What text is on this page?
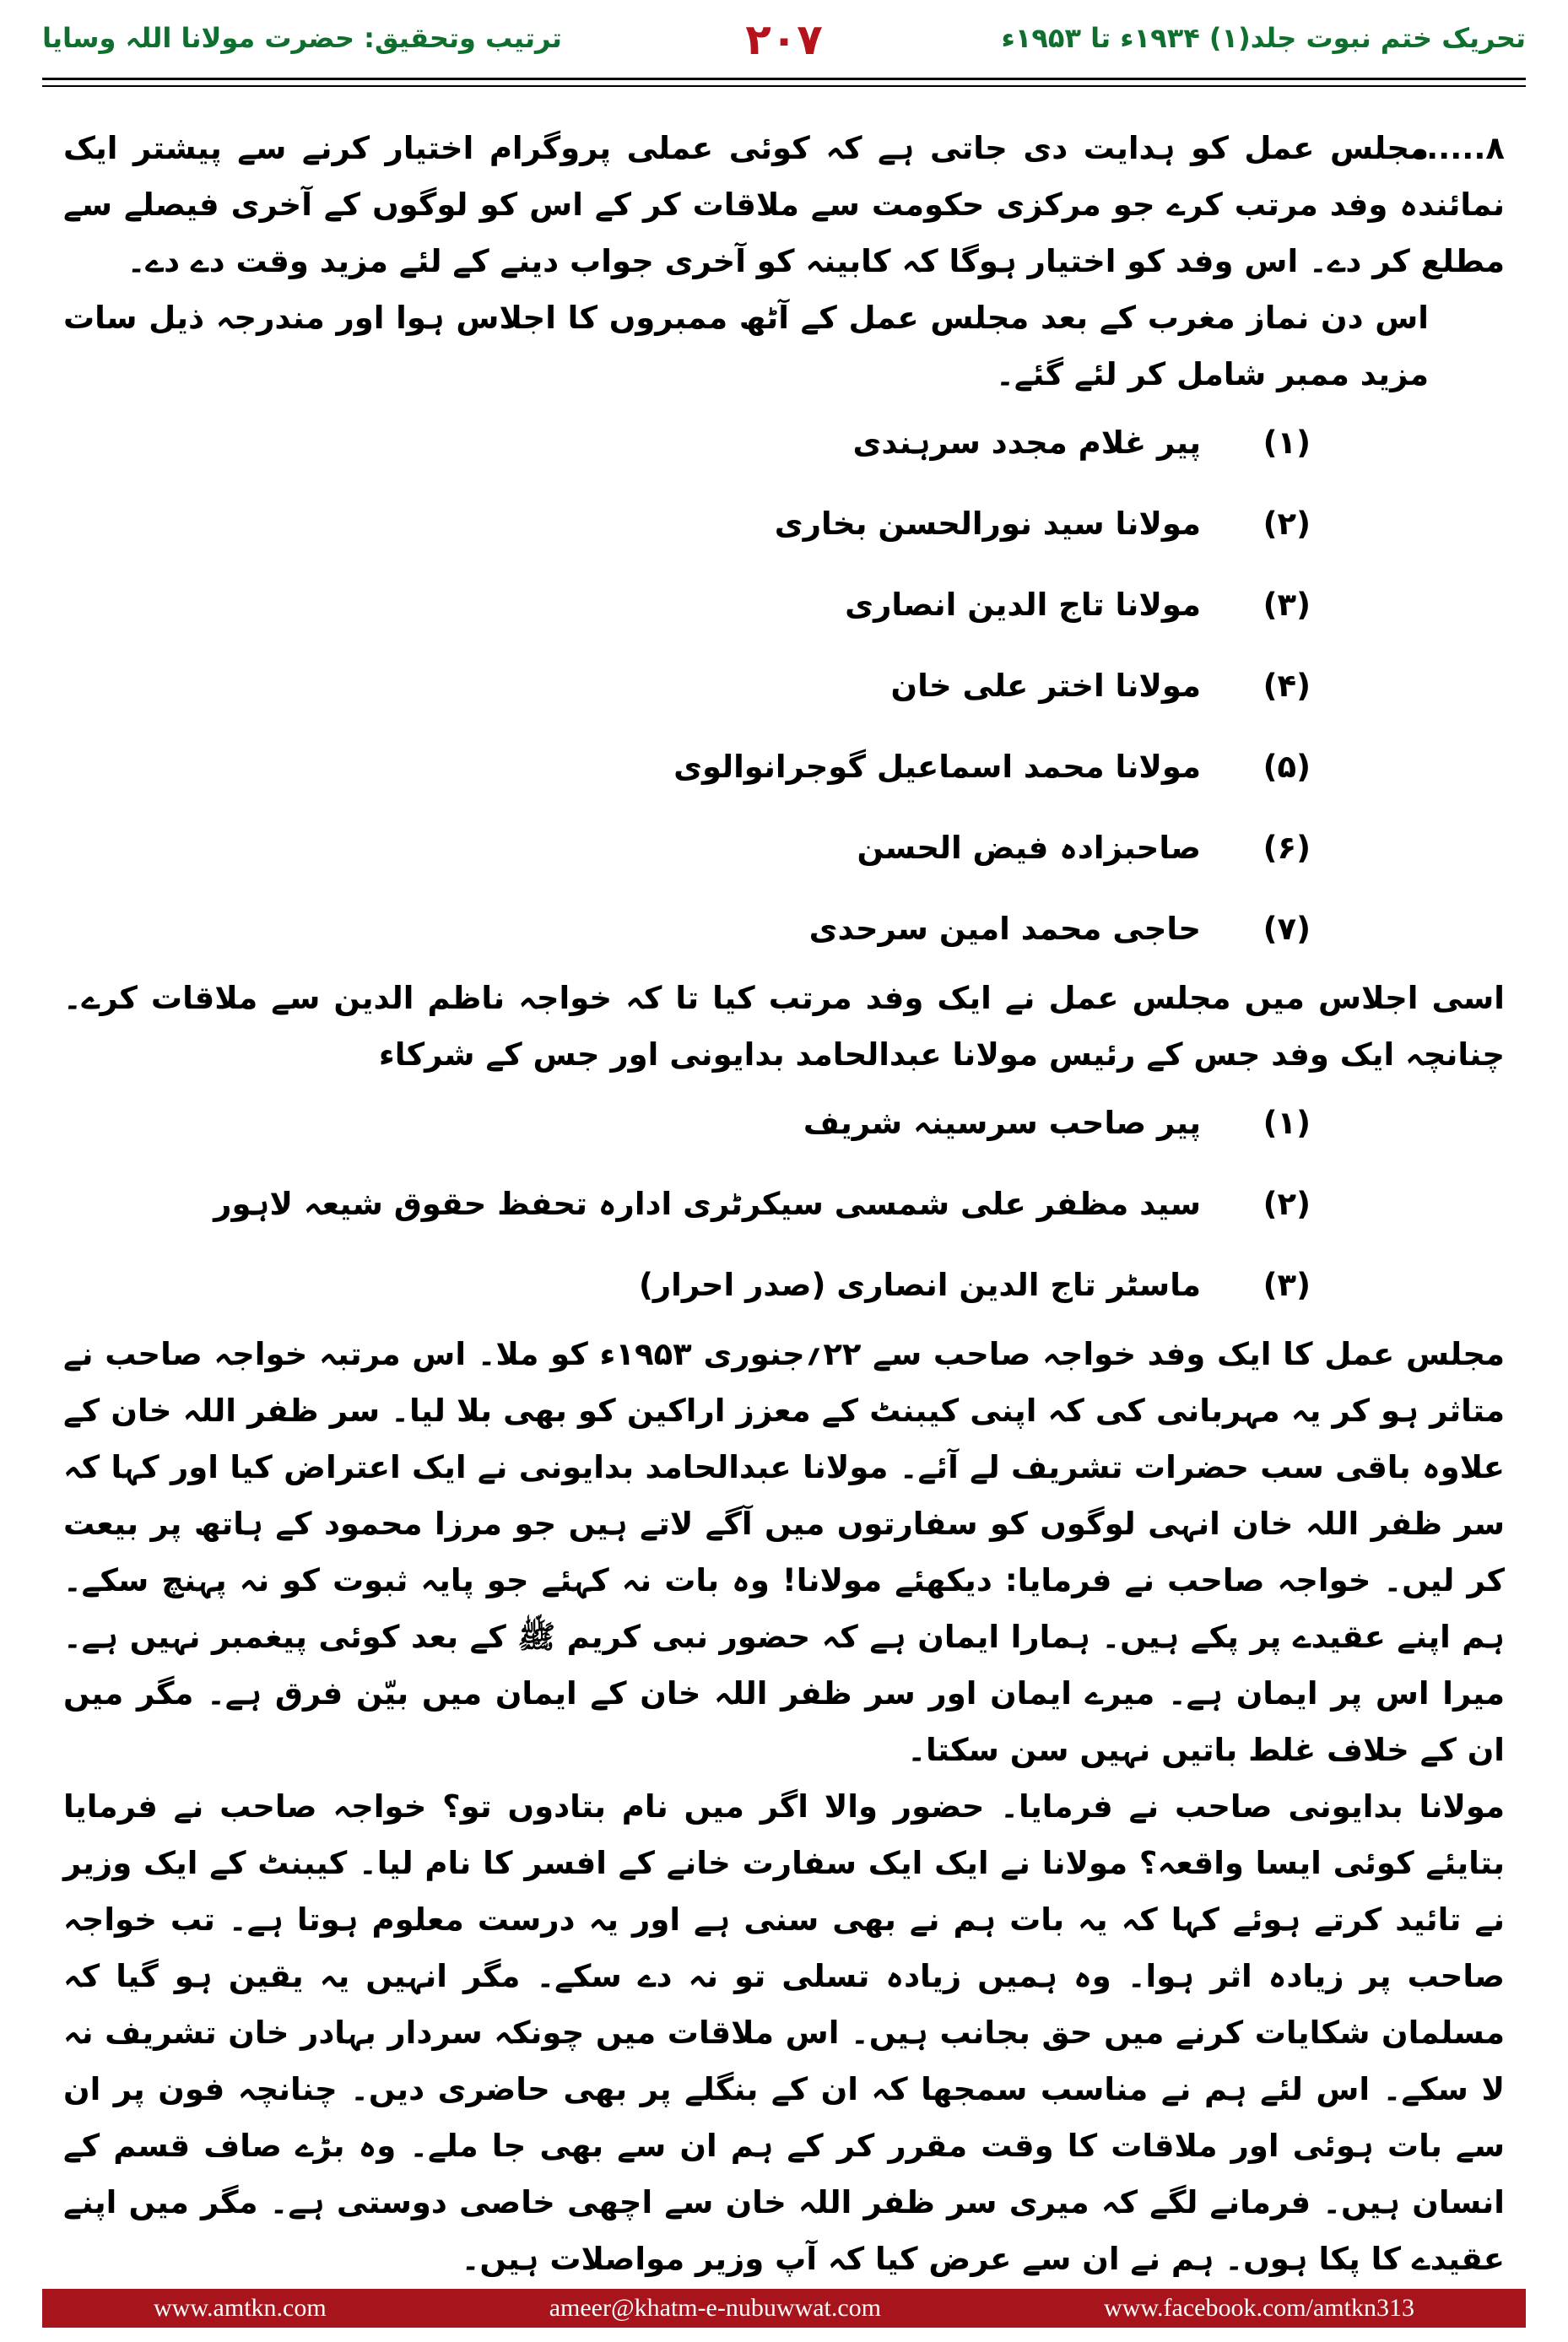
تحریک ختم نبوت جلد(۱) ۱۹۳۴ء تا ۱۹۵۳ء
۲۰۷
ترتیب وتحقیق: حضرت مولانا اللہ وسایا

۸......مجلس عمل کو ہدایت دی جاتی ہے کہ کوئی عملی پروگرام اختیار کرنے سے پیشتر ایک نمائندہ وفد مرتب کرے جو مرکزی حکومت سے ملاقات کر کے اس کو لوگوں کے آخری فیصلے سے مطلع کر دے۔ اس وفد کو اختیار ہوگا کہ کابینہ کو آخری جواب دینے کے لئے مزید وقت دے دے۔

اس دن نماز مغرب کے بعد مجلس عمل کے آٹھ ممبروں کا اجلاس ہوا اور مندرجہ ذیل سات مزید ممبر شامل کر لئے گئے۔

(۱)
پیر غلام مجدد سرہندی
(۲)
مولانا سید نورالحسن بخاری
(۳)
مولانا تاج الدین انصاری
(۴)
مولانا اختر علی خان
(۵)
مولانا محمد اسماعیل گوجرانوالوی
(۶)
صاحبزادہ فیض الحسن
(۷)
حاجی محمد امین سرحدی

اسی اجلاس میں مجلس عمل نے ایک وفد مرتب کیا تا کہ خواجہ ناظم الدین سے ملاقات کرے۔ چنانچہ ایک وفد جس کے رئیس مولانا عبدالحامد بدایونی اور جس کے شرکاء

(۱)
پیر صاحب سرسینہ شریف
(۲)
سید مظفر علی شمسی سیکرٹری ادارہ تحفظ حقوق شیعہ لاہور
(۳)
ماسٹر تاج الدین انصاری (صدر احرار)

مجلس عمل کا ایک وفد خواجہ صاحب سے ۲۲؍جنوری ۱۹۵۳ء کو ملا۔ اس مرتبہ خواجہ صاحب نے متاثر ہو کر یہ مہربانی کی کہ اپنی کیبنٹ کے معزز اراکین کو بھی بلا لیا۔ سر ظفر اللہ خان کے علاوہ باقی سب حضرات تشریف لے آئے۔ مولانا عبدالحامد بدایونی نے ایک اعتراض کیا اور کہا کہ سر ظفر اللہ خان انہی لوگوں کو سفارتوں میں آگے لاتے ہیں جو مرزا محمود کے ہاتھ پر بیعت کر لیں۔ خواجہ صاحب نے فرمایا: دیکھئے مولانا! وہ بات نہ کہئے جو پایہ ثبوت کو نہ پہنچ سکے۔ ہم اپنے عقیدے پر پکے ہیں۔ ہمارا ایمان ہے کہ حضور نبی کریم ﷺ کے بعد کوئی پیغمبر نہیں ہے۔ میرا اس پر ایمان ہے۔ میرے ایمان اور سر ظفر اللہ خان کے ایمان میں بیّن فرق ہے۔ مگر میں ان کے خلاف غلط باتیں نہیں سن سکتا۔

مولانا بدایونی صاحب نے فرمایا۔ حضور والا اگر میں نام بتادوں تو؟ خواجہ صاحب نے فرمایا بتایئے کوئی ایسا واقعہ؟ مولانا نے ایک ایک سفارت خانے کے افسر کا نام لیا۔ کیبنٹ کے ایک وزیر نے تائید کرتے ہوئے کہا کہ یہ بات ہم نے بھی سنی ہے اور یہ درست معلوم ہوتا ہے۔ تب خواجہ صاحب پر زیادہ اثر ہوا۔ وہ ہمیں زیادہ تسلی تو نہ دے سکے۔ مگر انہیں یہ یقین ہو گیا کہ مسلمان شکایات کرنے میں حق بجانب ہیں۔ اس ملاقات میں چونکہ سردار بہادر خان تشریف نہ لا سکے۔ اس لئے ہم نے مناسب سمجھا کہ ان کے بنگلے پر بھی حاضری دیں۔ چنانچہ فون پر ان سے بات ہوئی اور ملاقات کا وقت مقرر کر کے ہم ان سے بھی جا ملے۔ وہ بڑے صاف قسم کے انسان ہیں۔ فرمانے لگے کہ میری سر ظفر اللہ خان سے اچھی خاصی دوستی ہے۔ مگر میں اپنے عقیدے کا پکا ہوں۔ ہم نے ان سے عرض کیا کہ آپ وزیر مواصلات ہیں۔

www.amtkn.com	ameer@khatm-e-nubuwwat.com	www.facebook.com/amtkn313
